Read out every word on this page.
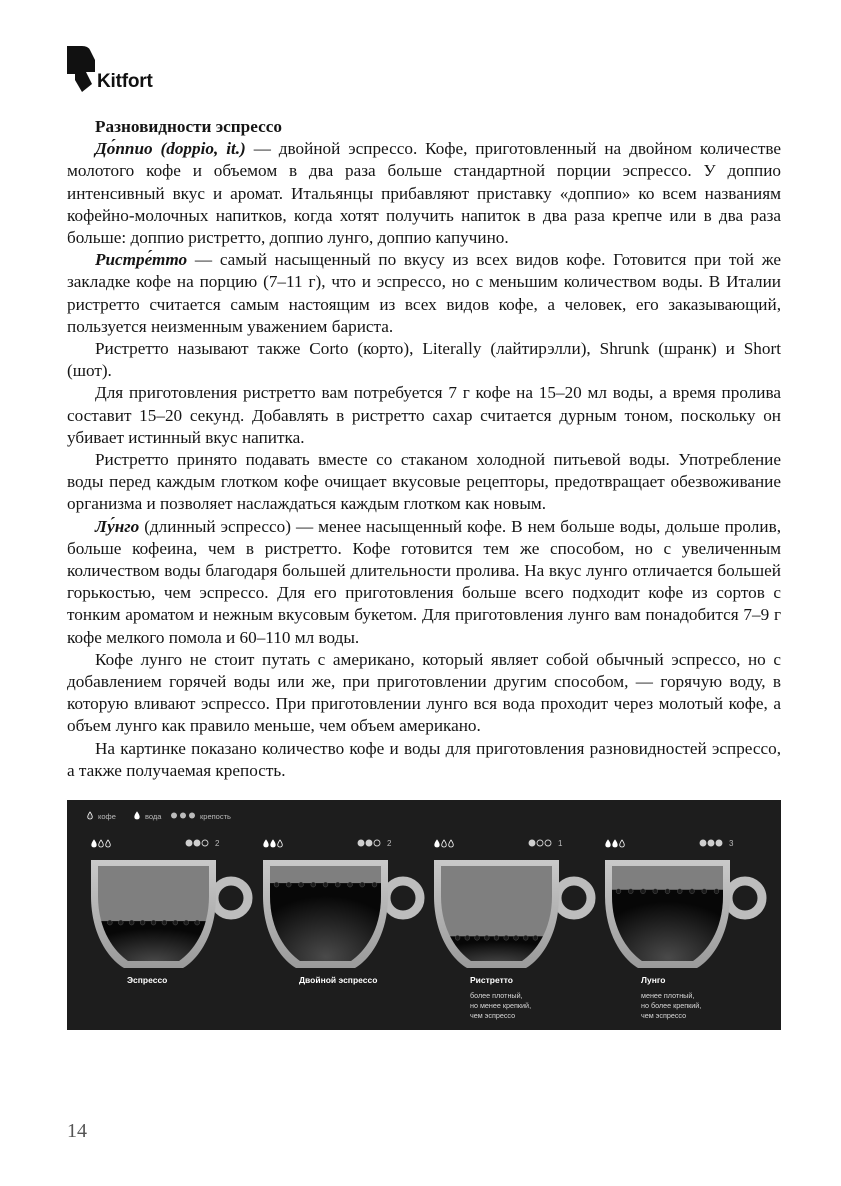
Kitfort

Разновидности эспрессо

До́ппио (doppio, it.) — двойной эспрессо. Кофе, приготовленный на двойном количестве молотого кофе и объемом в два раза больше стандартной порции эспрессо. У доппио интенсивный вкус и аромат. Итальянцы прибавляют приставку «доппио» ко всем названиям кофейно-молочных напитков, когда хотят получить напиток в два раза крепче или в два раза больше: доппио ристретто, доппио лунго, доппио капучино.

Ристре́тто — самый насыщенный по вкусу из всех видов кофе. Готовится при той же закладке кофе на порцию (7–11 г), что и эспрессо, но с меньшим количеством воды. В Италии ристретто считается самым настоящим из всех видов кофе, а человек, его заказывающий, пользуется неизменным уважением бариста.

Ристретто называют также Corto (корто), Literally (лайтирэлли), Shrunk (шранк) и Short (шот).

Для приготовления ристретто вам потребуется 7 г кофе на 15–20 мл воды, а время пролива составит 15–20 секунд. Добавлять в ристретто сахар считается дурным тоном, поскольку он убивает истинный вкус напитка.

Ристретто принято подавать вместе со стаканом холодной питьевой воды. Употребление воды перед каждым глотком кофе очищает вкусовые рецепторы, предотвращает обезвоживание организма и позволяет наслаждаться каждым глотком как новым.

Лу́нго (длинный эспрессо) — менее насыщенный кофе. В нем больше воды, дольше пролив, больше кофеина, чем в ристретто. Кофе готовится тем же способом, но с увеличенным количеством воды благодаря большей длительности пролива. На вкус лунго отличается большей горькостью, чем эспрессо. Для его приготовления больше всего подходит кофе из сортов с тонким ароматом и нежным вкусовым букетом. Для приготовления лунго вам понадобится 7–9 г кофе мелкого помола и 60–110 мл воды.

Кофе лунго не стоит путать с американо, который являет собой обычный эспрессо, но с добавлением горячей воды или же, при приготовлении другим способом, — горячую воду, в которую вливают эспрессо. При приготовлении лунго вся вода проходит через молотый кофе, а объем лунго как правило меньше, чем объем американо.

На картинке показано количество кофе и воды для приготовления разновидностей эспрессо, а также получаемая крепость.

кофе	вода	крепость
2
Эспрессо
2
Двойной эспрессо
1
Ристретто
более плотный,
но менее крепкий,
чем эспрессо
3
Лунго
менее плотный,
но более крепкий,
чем эспрессо
14
